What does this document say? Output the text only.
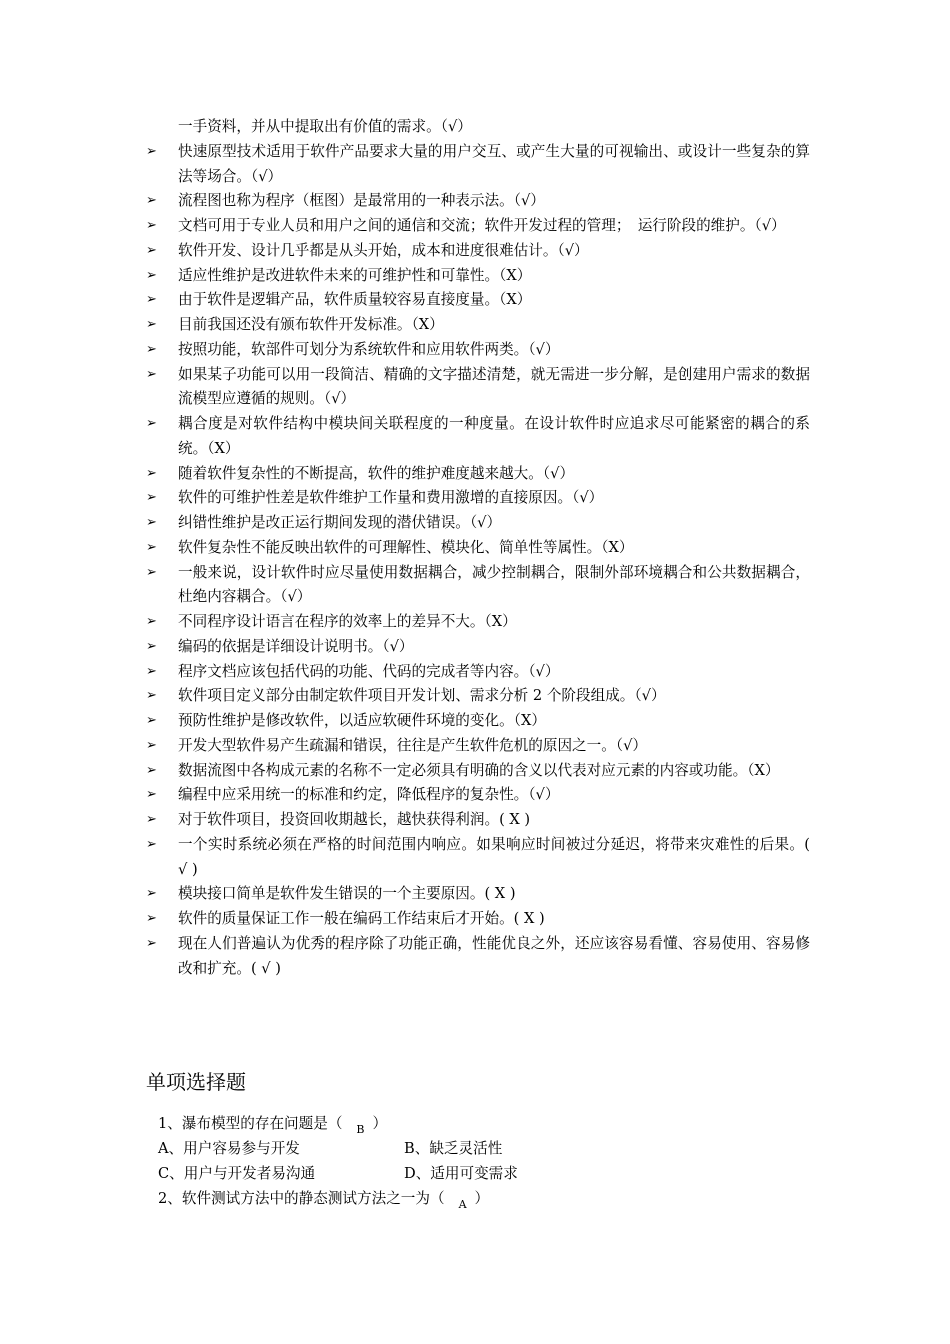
一手资料，并从中提取出有价值的需求。（√）
➢ 快速原型技术适用于软件产品要求大量的用户交互、或产生大量的可视输出、或设计一些复杂的算法等场合。（√）
➢ 流程图也称为程序（框图）是最常用的一种表示法。（√）
➢ 文档可用于专业人员和用户之间的通信和交流；软件开发过程的管理；　运行阶段的维护。（√）
➢ 软件开发、设计几乎都是从头开始，成本和进度很难估计。（√）
➢ 适应性维护是改进软件未来的可维护性和可靠性。（X）
➢ 由于软件是逻辑产品，软件质量较容易直接度量。（X）
➢ 目前我国还没有颁布软件开发标准。（X）
➢ 按照功能，软部件可划分为系统软件和应用软件两类。（√）
➢ 如果某子功能可以用一段简洁、精确的文字描述清楚，就无需进一步分解，是创建用户需求的数据流模型应遵循的规则。（√）
➢ 耦合度是对软件结构中模块间关联程度的一种度量。在设计软件时应追求尽可能紧密的耦合的系统。（X）
➢ 随着软件复杂性的不断提高，软件的维护难度越来越大。（√）
➢ 软件的可维护性差是软件维护工作量和费用激增的直接原因。（√）
➢ 纠错性维护是改正运行期间发现的潜伏错误。（√）
➢ 软件复杂性不能反映出软件的可理解性、模块化、简单性等属性。（X）
➢ 一般来说，设计软件时应尽量使用数据耦合，减少控制耦合，限制外部环境耦合和公共数据耦合，杜绝内容耦合。（√）
➢ 不同程序设计语言在程序的效率上的差异不大。（X）
➢ 编码的依据是详细设计说明书。（√）
➢ 程序文档应该包括代码的功能、代码的完成者等内容。（√）
➢ 软件项目定义部分由制定软件项目开发计划、需求分析 2 个阶段组成。（√）
➢ 预防性维护是修改软件，以适应软硬件环境的变化。（X）
➢ 开发大型软件易产生疏漏和错误，往往是产生软件危机的原因之一。（√）
➢ 数据流图中各构成元素的名称不一定必须具有明确的含义以代表对应元素的内容或功能。（X）
➢ 编程中应采用统一的标准和约定，降低程序的复杂性。（√）
➢ 对于软件项目，投资回收期越长，越快获得利润。( X )
➢ 一个实时系统必须在严格的时间范围内响应。如果响应时间被过分延迟，将带来灾难性的后果。( √ )
➢ 模块接口简单是软件发生错误的一个主要原因。( X )
➢ 软件的质量保证工作一般在编码工作结束后才开始。( X )
➢ 现在人们普遍认为优秀的程序除了功能正确，性能优良之外，还应该容易看懂、容易使用、容易修改和扩充。( √ )
单项选择题
1、瀑布模型的存在问题是（ B ）
A、用户容易参与开发	B、缺乏灵活性
C、用户与开发者易沟通	D、适用可变需求
2、软件测试方法中的静态测试方法之一为（ A ）
